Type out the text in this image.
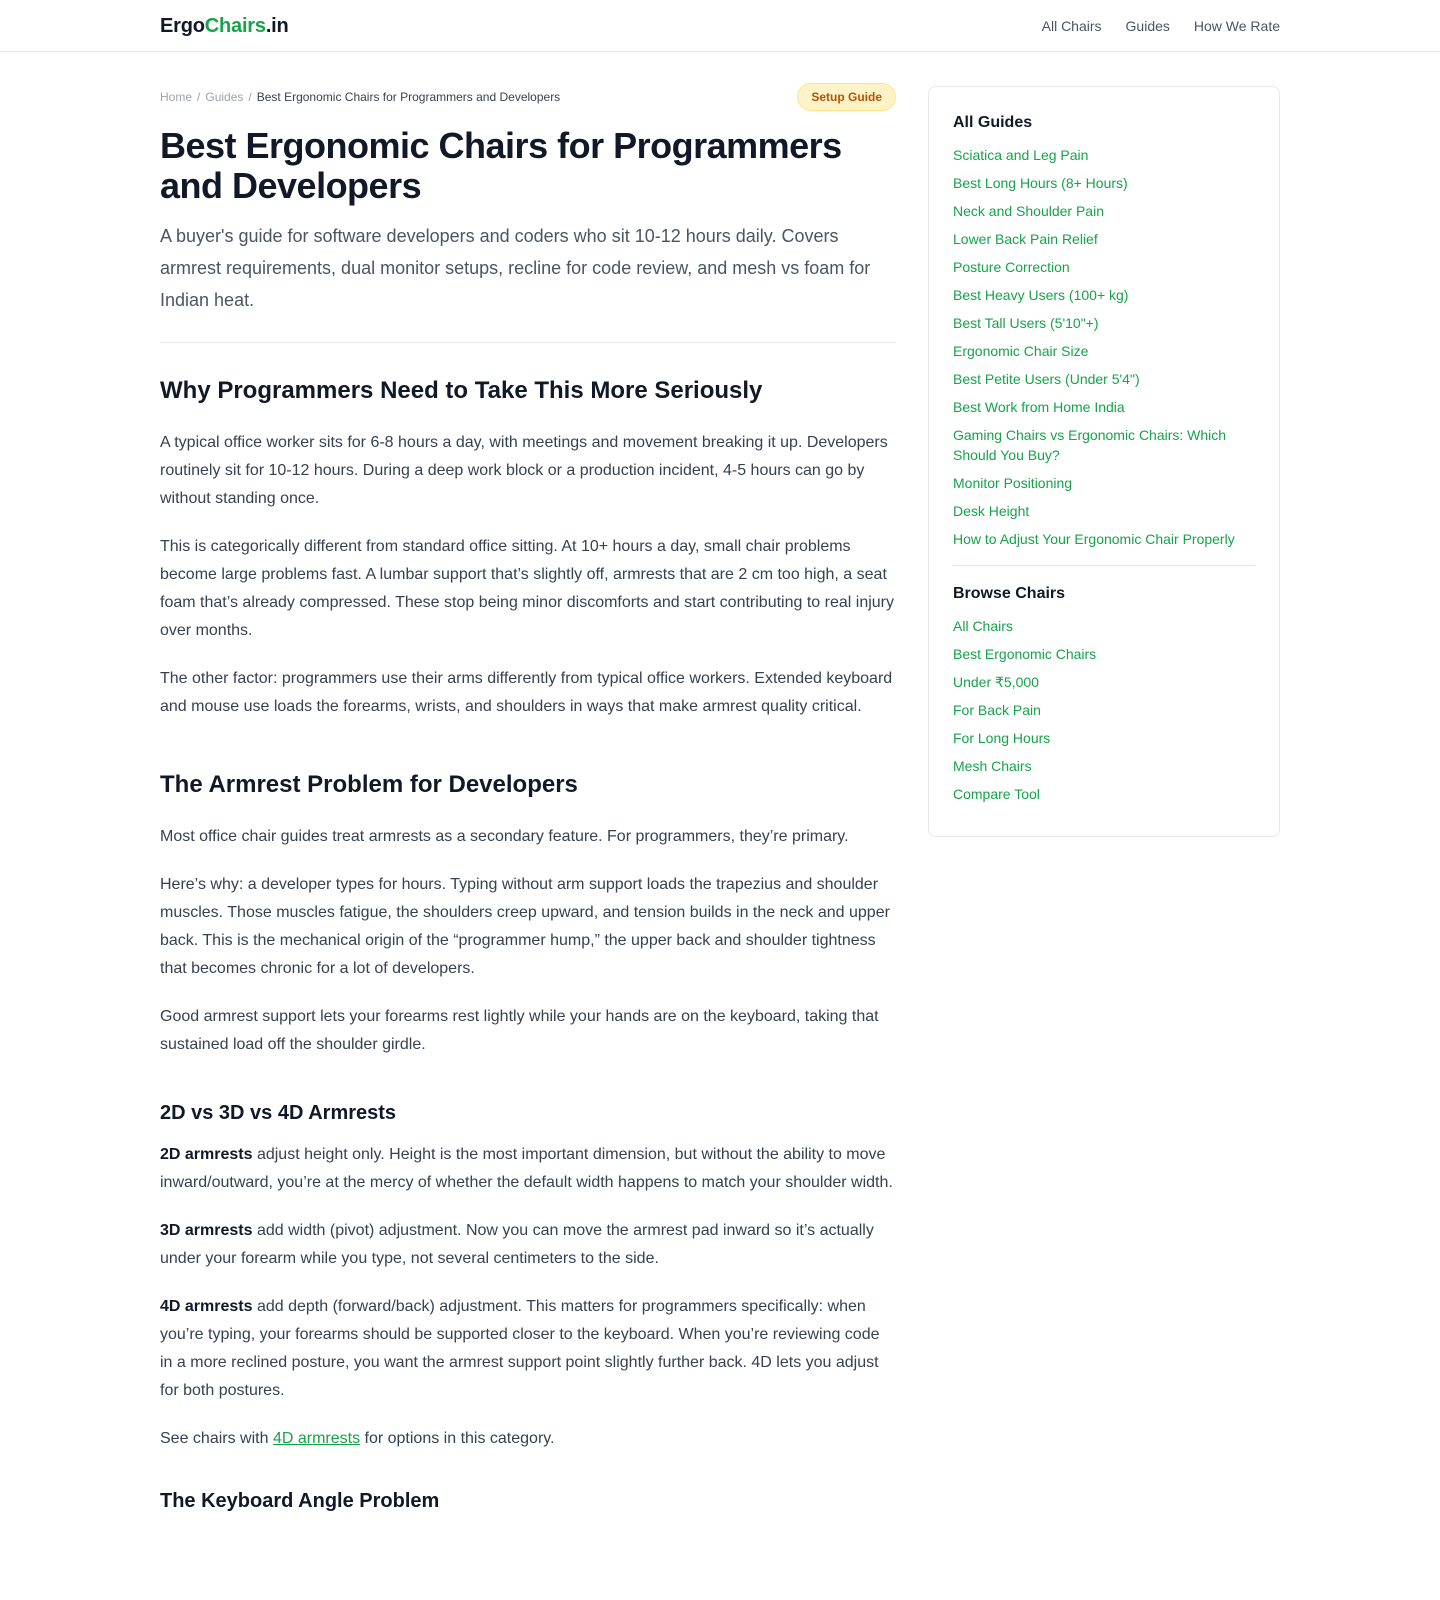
ErgoChairs.in	All Chairs Guides How We Rate
Home / Guides / Best Ergonomic Chairs for Programmers and Developers	Setup Guide
Best Ergonomic Chairs for Programmers and Developers

A buyer's guide for software developers and coders who sit 10-12 hours daily. Covers armrest requirements, dual monitor setups, recline for code review, and mesh vs foam for Indian heat.

Why Programmers Need to Take This More Seriously

A typical office worker sits for 6-8 hours a day, with meetings and movement breaking it up. Developers routinely sit for 10-12 hours. During a deep work block or a production incident, 4-5 hours can go by without standing once.

This is categorically different from standard office sitting. At 10+ hours a day, small chair problems become large problems fast. A lumbar support that’s slightly off, armrests that are 2 cm too high, a seat foam that’s already compressed. These stop being minor discomforts and start contributing to real injury over months.

The other factor: programmers use their arms differently from typical office workers. Extended keyboard and mouse use loads the forearms, wrists, and shoulders in ways that make armrest quality critical.

The Armrest Problem for Developers

Most office chair guides treat armrests as a secondary feature. For programmers, they’re primary.

Here’s why: a developer types for hours. Typing without arm support loads the trapezius and shoulder muscles. Those muscles fatigue, the shoulders creep upward, and tension builds in the neck and upper back. This is the mechanical origin of the “programmer hump,” the upper back and shoulder tightness that becomes chronic for a lot of developers.

Good armrest support lets your forearms rest lightly while your hands are on the keyboard, taking that sustained load off the shoulder girdle.

2D vs 3D vs 4D Armrests

2D armrests adjust height only. Height is the most important dimension, but without the ability to move inward/outward, you’re at the mercy of whether the default width happens to match your shoulder width.

3D armrests add width (pivot) adjustment. Now you can move the armrest pad inward so it’s actually under your forearm while you type, not several centimeters to the side.

4D armrests add depth (forward/back) adjustment. This matters for programmers specifically: when you’re typing, your forearms should be supported closer to the keyboard. When you’re reviewing code in a more reclined posture, you want the armrest support point slightly further back. 4D lets you adjust for both postures.

See chairs with 4D armrests for options in this category.

The Keyboard Angle Problem
All Guides
Sciatica and Leg Pain
Best Long Hours (8+ Hours)
Neck and Shoulder Pain
Lower Back Pain Relief
Posture Correction
Best Heavy Users (100+ kg)
Best Tall Users (5'10"+)
Ergonomic Chair Size
Best Petite Users (Under 5'4")
Best Work from Home India
Gaming Chairs vs Ergonomic Chairs: Which Should You Buy?
Monitor Positioning
Desk Height
How to Adjust Your Ergonomic Chair Properly
Browse Chairs
All Chairs
Best Ergonomic Chairs
Under ₹5,000
For Back Pain
For Long Hours
Mesh Chairs
Compare Tool
